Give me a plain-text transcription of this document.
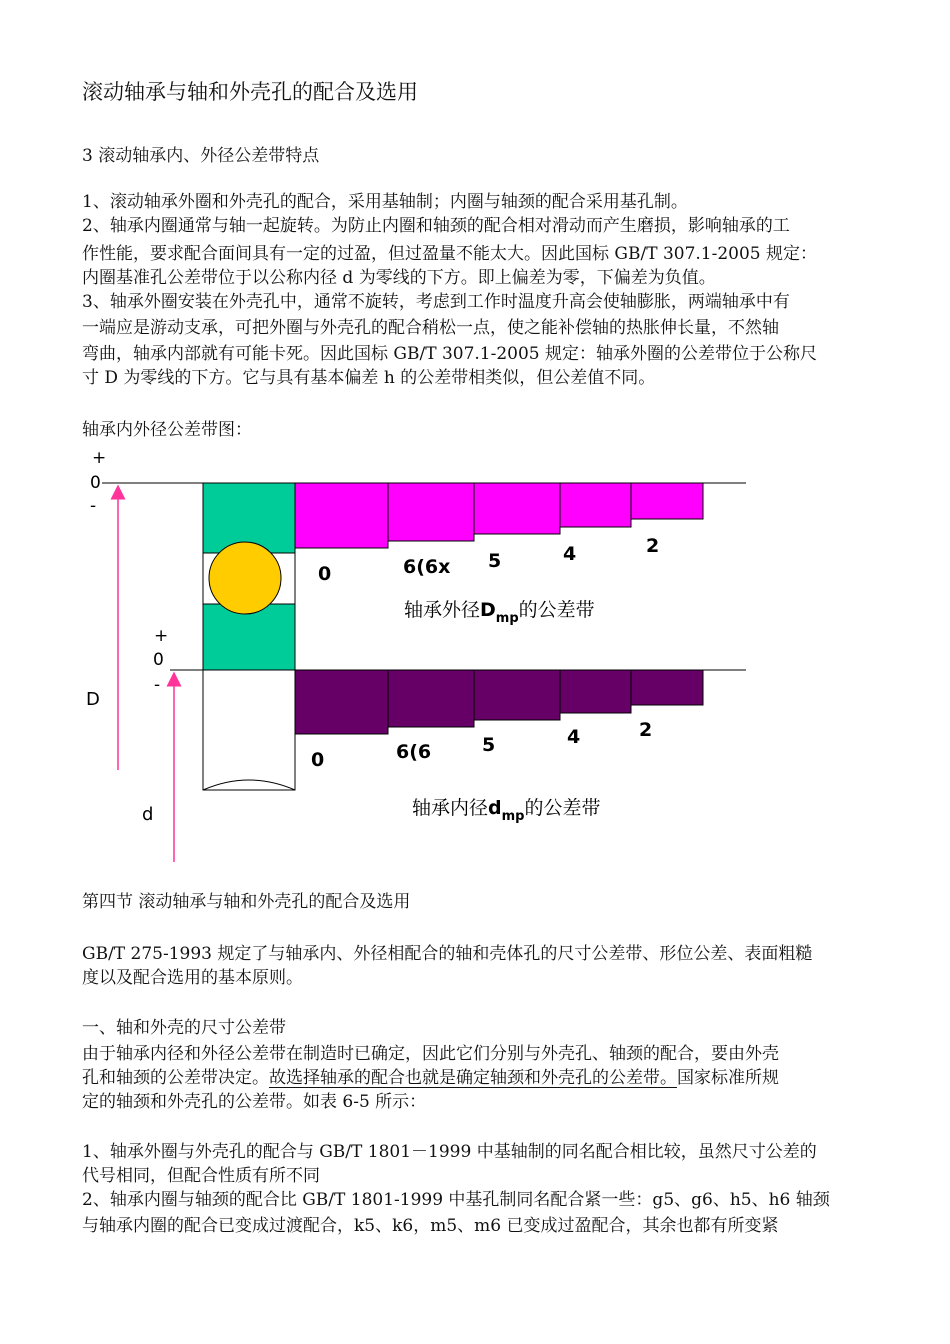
滚动轴承与轴和外壳孔的配合及选用
3 滚动轴承内、外径公差带特点
1、滚动轴承外圈和外壳孔的配合，采用基轴制；内圈与轴颈的配合采用基孔制。
2、轴承内圈通常与轴一起旋转。为防止内圈和轴颈的配合相对滑动而产生磨损，影响轴承的工
作性能，要求配合面间具有一定的过盈，但过盈量不能太大。因此国标 GB/T 307.1-2005 规定：
内圈基准孔公差带位于以公称内径 d 为零线的下方。即上偏差为零，下偏差为负值。
3、轴承外圈安装在外壳孔中，通常不旋转，考虑到工作时温度升高会使轴膨胀，两端轴承中有
一端应是游动支承，可把外圈与外壳孔的配合稍松一点，使之能补偿轴的热胀伸长量，不然轴
弯曲，轴承内部就有可能卡死。因此国标 GB/T 307.1-2005 规定：轴承外圈的公差带位于公称尺
寸 D 为零线的下方。它与具有基本偏差 h 的公差带相类似，但公差值不同。
轴承内外径公差带图：
+
0
-
D
+
0
-
d
0	6(6x 5	4	2
轴承外径$D_{mp}$的公差带
0	6(6	5	4	2
轴承内径$d_{mp}$的公差带
第四节 滚动轴承与轴和外壳孔的配合及选用
GB/T 275-1993 规定了与轴承内、外径相配合的轴和壳体孔的尺寸公差带、形位公差、表面粗糙
度以及配合选用的基本原则。
一、轴和外壳的尺寸公差带
由于轴承内径和外径公差带在制造时已确定，因此它们分别与外壳孔、轴颈的配合，要由外壳
孔和轴颈的公差带决定。故选择轴承的配合也就是确定轴颈和外壳孔的公差带。国家标准所规
定的轴颈和外壳孔的公差带。如表 6-5 所示：
1、轴承外圈与外壳孔的配合与 GB/T 1801－1999 中基轴制的同名配合相比较，虽然尺寸公差的
代号相同，但配合性质有所不同
2、轴承内圈与轴颈的配合比 GB/T 1801-1999 中基孔制同名配合紧一些：g5、g6、h5、h6 轴颈
与轴承内圈的配合已变成过渡配合，k5、k6，m5、m6 已变成过盈配合，其余也都有所变紧
